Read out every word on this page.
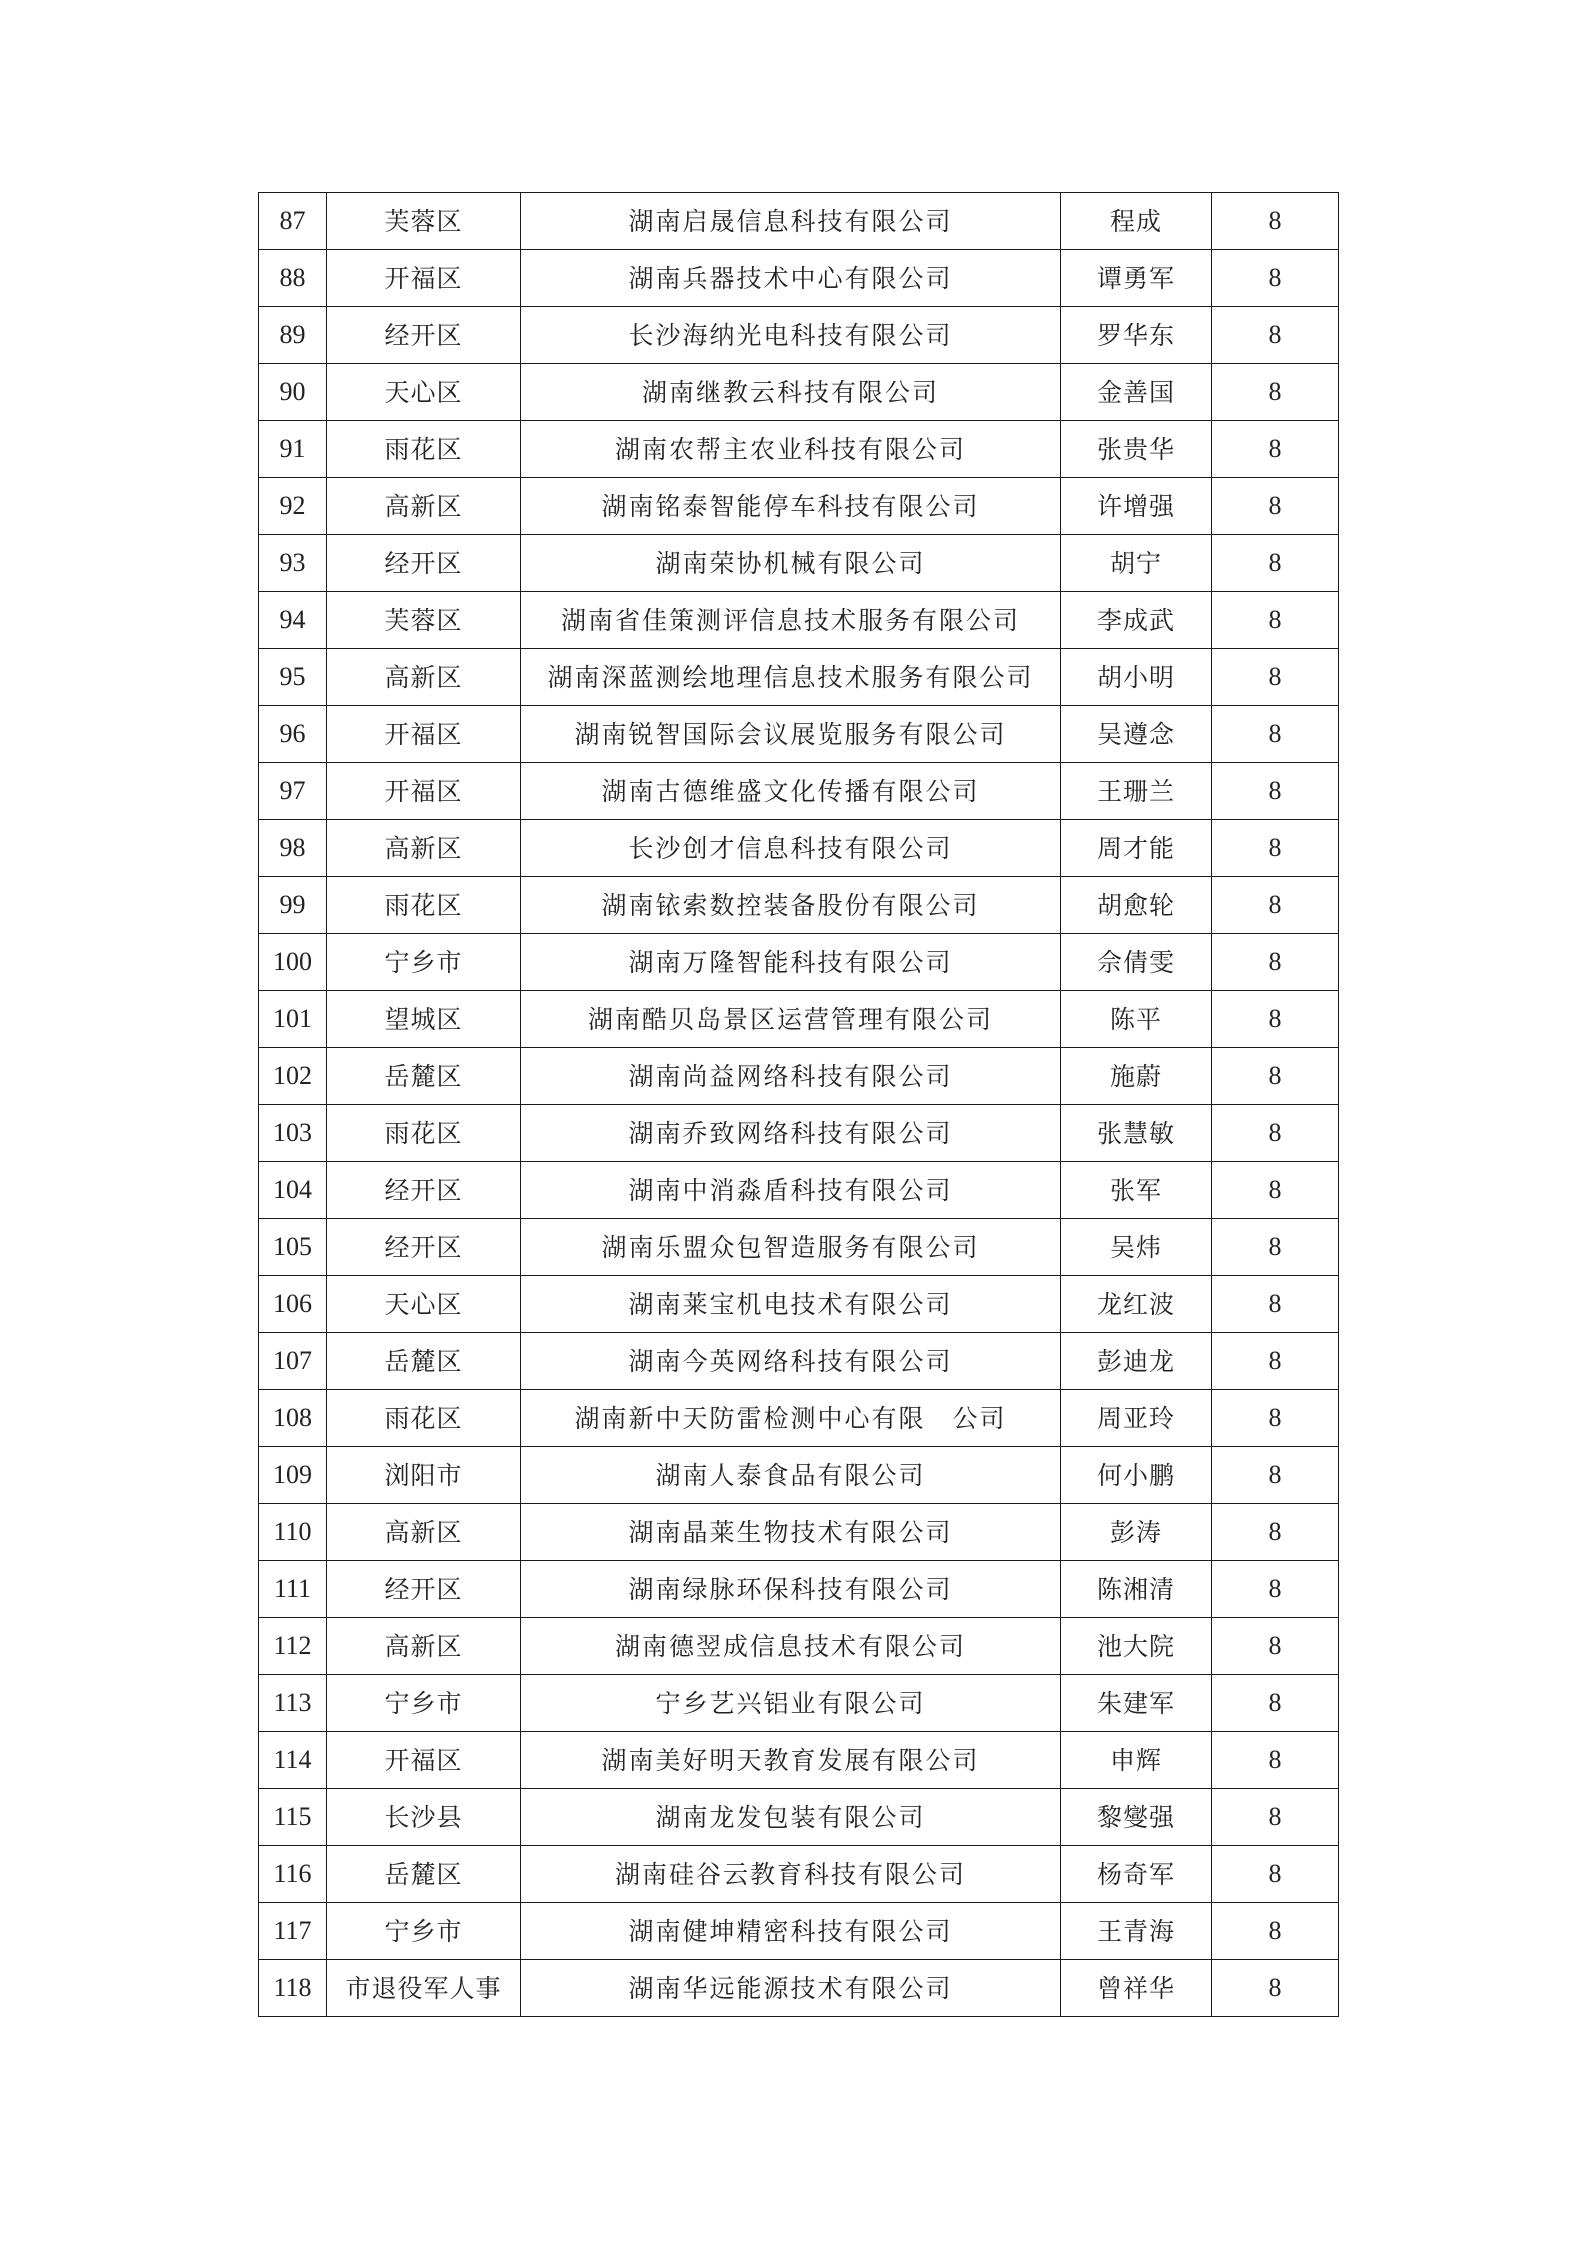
87	芙蓉区	湖南启晟信息科技有限公司	程成	8
88	开福区	湖南兵器技术中心有限公司	谭勇军	8
89	经开区	长沙海纳光电科技有限公司	罗华东	8
90	天心区	湖南继教云科技有限公司	金善国	8
91	雨花区	湖南农帮主农业科技有限公司	张贵华	8
92	高新区	湖南铭泰智能停车科技有限公司	许增强	8
93	经开区	湖南荣协机械有限公司	胡宁	8
94	芙蓉区	湖南省佳策测评信息技术服务有限公司	李成武	8
95	高新区	湖南深蓝测绘地理信息技术服务有限公司	胡小明	8
96	开福区	湖南锐智国际会议展览服务有限公司	吴遵念	8
97	开福区	湖南古德维盛文化传播有限公司	王珊兰	8
98	高新区	长沙创才信息科技有限公司	周才能	8
99	雨花区	湖南铱索数控装备股份有限公司	胡愈轮	8
100	宁乡市	湖南万隆智能科技有限公司	佘倩雯	8
101	望城区	湖南酷贝岛景区运营管理有限公司	陈平	8
102	岳麓区	湖南尚益网络科技有限公司	施蔚	8
103	雨花区	湖南乔致网络科技有限公司	张慧敏	8
104	经开区	湖南中消淼盾科技有限公司	张军	8
105	经开区	湖南乐盟众包智造服务有限公司	吴炜	8
106	天心区	湖南莱宝机电技术有限公司	龙红波	8
107	岳麓区	湖南今英网络科技有限公司	彭迪龙	8
108	雨花区	湖南新中天防雷检测中心有限　公司	周亚玲	8
109	浏阳市	湖南人泰食品有限公司	何小鹏	8
110	高新区	湖南晶莱生物技术有限公司	彭涛	8
111	经开区	湖南绿脉环保科技有限公司	陈湘清	8
112	高新区	湖南德翌成信息技术有限公司	池大院	8
113	宁乡市	宁乡艺兴铝业有限公司	朱建军	8
114	开福区	湖南美好明天教育发展有限公司	申辉	8
115	长沙县	湖南龙发包装有限公司	黎燮强	8
116	岳麓区	湖南硅谷云教育科技有限公司	杨奇军	8
117	宁乡市	湖南健坤精密科技有限公司	王青海	8
118	市退役军人事	湖南华远能源技术有限公司	曾祥华	8
